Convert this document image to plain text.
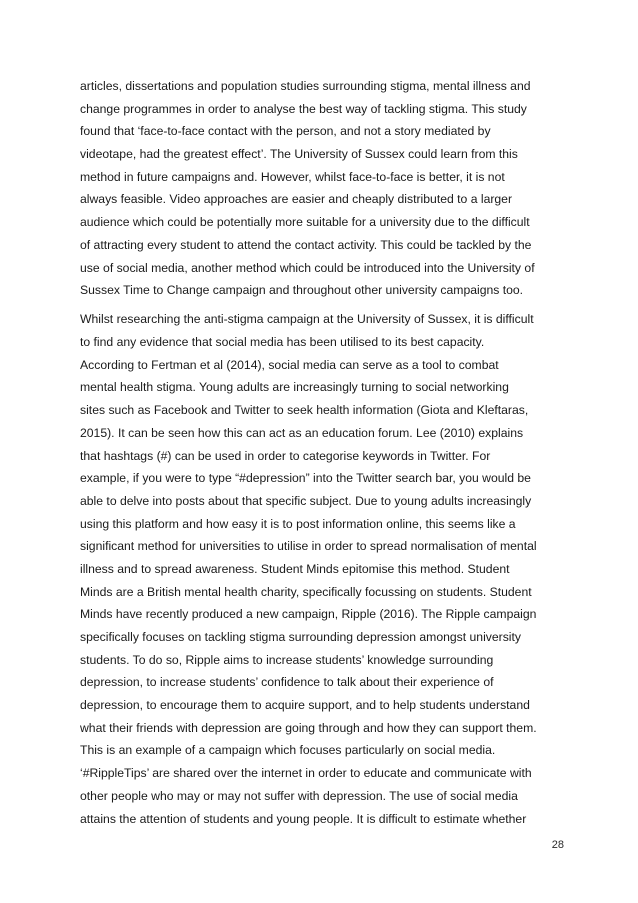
articles, dissertations and population studies surrounding stigma, mental illness and
change programmes in order to analyse the best way of tackling stigma. This study
found that ‘face-to-face contact with the person, and not a story mediated by
videotape, had the greatest effect’. The University of Sussex could learn from this
method in future campaigns and. However, whilst face-to-face is better, it is not
always feasible. Video approaches are easier and cheaply distributed to a larger
audience which could be potentially more suitable for a university due to the difficult
of attracting every student to attend the contact activity. This could be tackled by the
use of social media, another method which could be introduced into the University of
Sussex Time to Change campaign and throughout other university campaigns too.

Whilst researching the anti-stigma campaign at the University of Sussex, it is difficult
to find any evidence that social media has been utilised to its best capacity.
According to Fertman et al (2014), social media can serve as a tool to combat
mental health stigma. Young adults are increasingly turning to social networking
sites such as Facebook and Twitter to seek health information (Giota and Kleftaras,
2015). It can be seen how this can act as an education forum. Lee (2010) explains
that hashtags (#) can be used in order to categorise keywords in Twitter. For
example, if you were to type “#depression” into the Twitter search bar, you would be
able to delve into posts about that specific subject. Due to young adults increasingly
using this platform and how easy it is to post information online, this seems like a
significant method for universities to utilise in order to spread normalisation of mental
illness and to spread awareness. Student Minds epitomise this method. Student
Minds are a British mental health charity, specifically focussing on students. Student
Minds have recently produced a new campaign, Ripple (2016). The Ripple campaign
specifically focuses on tackling stigma surrounding depression amongst university
students. To do so, Ripple aims to increase students’ knowledge surrounding
depression, to increase students’ confidence to talk about their experience of
depression, to encourage them to acquire support, and to help students understand
what their friends with depression are going through and how they can support them.
This is an example of a campaign which focuses particularly on social media.
‘#RippleTips’ are shared over the internet in order to educate and communicate with
other people who may or may not suffer with depression. The use of social media
attains the attention of students and young people. It is difficult to estimate whether

28
